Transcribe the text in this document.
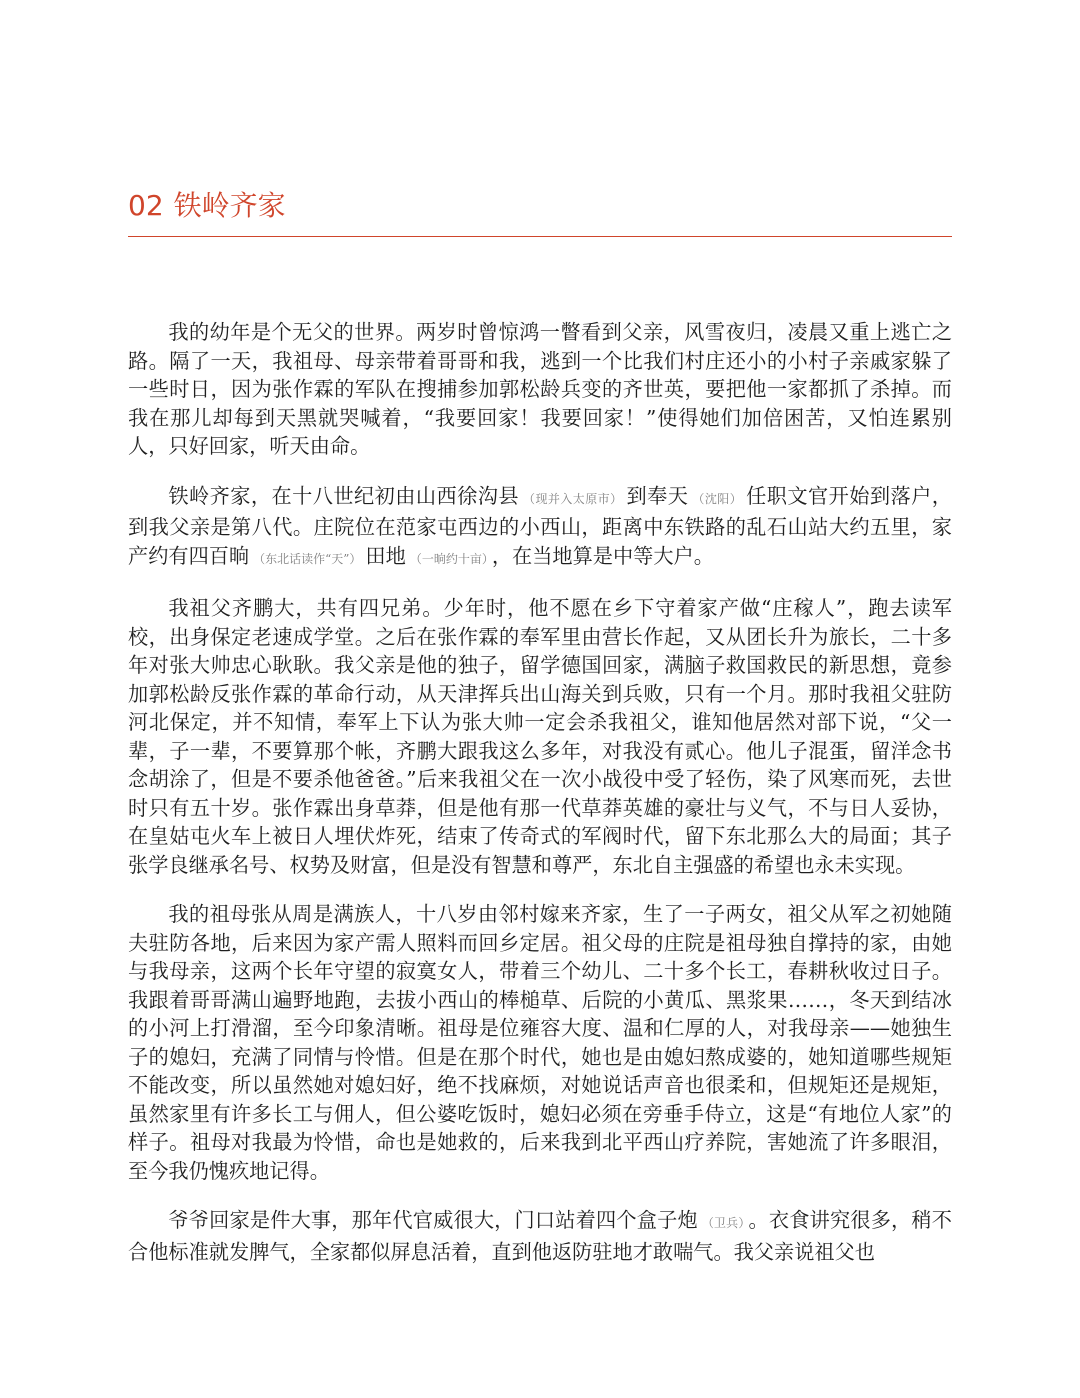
02 铁岭齐家

我的幼年是个无父的世界。两岁时曾惊鸿一瞥看到父亲，风雪夜归，凌晨又重上逃亡之路。隔了一天，我祖母、母亲带着哥哥和我，逃到一个比我们村庄还小的小村子亲戚家躲了一些时日，因为张作霖的军队在搜捕参加郭松龄兵变的齐世英，要把他一家都抓了杀掉。而我在那儿却每到天黑就哭喊着，“我要回家！我要回家！”使得她们加倍困苦，又怕连累别人，只好回家，听天由命。

铁岭齐家，在十八世纪初由山西徐沟县 （现并入太原市） 到奉天 （沈阳） 任职文官开始到落户，到我父亲是第八代。庄院位在范家屯西边的小西山，距离中东铁路的乱石山站大约五里，家产约有四百晌 （东北话读作“天”） 田地 （一晌约十亩） ，在当地算是中等大户。

我祖父齐鹏大，共有四兄弟。少年时，他不愿在乡下守着家产做“庄稼人”，跑去读军校，出身保定老速成学堂。之后在张作霖的奉军里由营长作起，又从团长升为旅长，二十多年对张大帅忠心耿耿。我父亲是他的独子，留学德国回家，满脑子救国救民的新思想，竟参加郭松龄反张作霖的革命行动，从天津挥兵出山海关到兵败，只有一个月。那时我祖父驻防河北保定，并不知情，奉军上下认为张大帅一定会杀我祖父，谁知他居然对部下说，“父一辈，子一辈，不要算那个帐，齐鹏大跟我这么多年，对我没有贰心。他儿子混蛋，留洋念书念胡涂了，但是不要杀他爸爸。”后来我祖父在一次小战役中受了轻伤，染了风寒而死，去世时只有五十岁。张作霖出身草莽，但是他有那一代草莽英雄的豪壮与义气，不与日人妥协，在皇姑屯火车上被日人埋伏炸死，结束了传奇式的军阀时代，留下东北那么大的局面；其子张学良继承名号、权势及财富，但是没有智慧和尊严，东北自主强盛的希望也永未实现。

我的祖母张从周是满族人，十八岁由邻村嫁来齐家，生了一子两女，祖父从军之初她随夫驻防各地，后来因为家产需人照料而回乡定居。祖父母的庄院是祖母独自撑持的家，由她与我母亲，这两个长年守望的寂寞女人，带着三个幼儿、二十多个长工，春耕秋收过日子。我跟着哥哥满山遍野地跑，去拔小西山的棒槌草、后院的小黄瓜、黑浆果……，冬天到结冰的小河上打滑溜，至今印象清晰。祖母是位雍容大度、温和仁厚的人，对我母亲——她独生子的媳妇，充满了同情与怜惜。但是在那个时代，她也是由媳妇熬成婆的，她知道哪些规矩不能改变，所以虽然她对媳妇好，绝不找麻烦，对她说话声音也很柔和，但规矩还是规矩，虽然家里有许多长工与佣人，但公婆吃饭时，媳妇必须在旁垂手侍立，这是“有地位人家”的样子。祖母对我最为怜惜，命也是她救的，后来我到北平西山疗养院，害她流了许多眼泪，至今我仍愧疚地记得。

爷爷回家是件大事，那年代官威很大，门口站着四个盒子炮 （卫兵） 。衣食讲究很多，稍不合他标准就发脾气，全家都似屏息活着，直到他返防驻地才敢喘气。我父亲说祖父也
